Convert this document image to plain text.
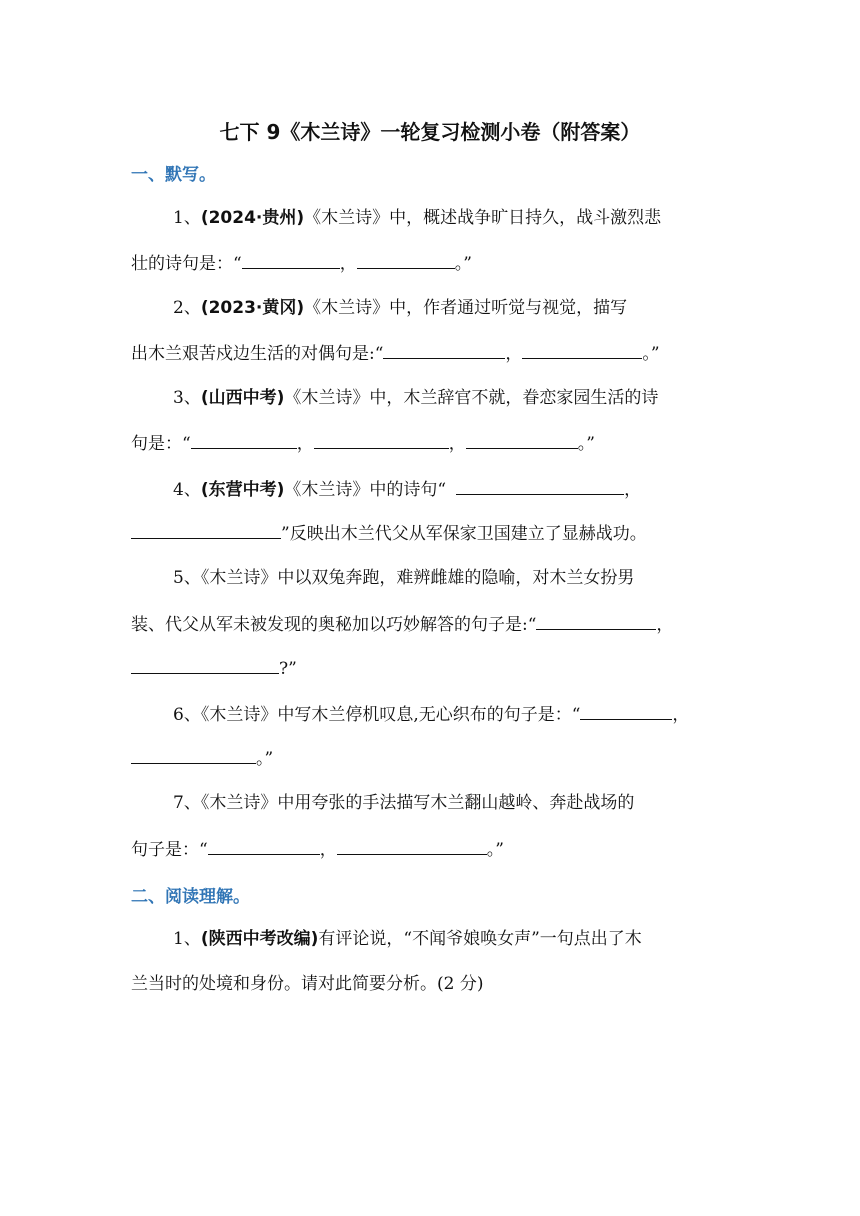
七下 9《木兰诗》一轮复习检测小卷（附答案）
一、默写。
1、(2024·贵州)《木兰诗》中，概述战争旷日持久，战斗激烈悲
壮的诗句是：“	，	。”
2、(2023·黄冈)《木兰诗》中，作者通过听觉与视觉，描写
出木兰艰苦戍边生活的对偶句是:“	，	。”
3、(山西中考)《木兰诗》中，木兰辞官不就，眷恋家园生活的诗
句是：“	，	，	。”
4、(东营中考)《木兰诗》中的诗句“	，
”反映出木兰代父从军保家卫国建立了显赫战功。
5、《木兰诗》中以双兔奔跑，难辨雌雄的隐喻，对木兰女扮男
装、代父从军未被发现的奥秘加以巧妙解答的句子是:“	，
?”
6、《木兰诗》中写木兰停机叹息,无心织布的句子是：“	，
。”
7、《木兰诗》中用夸张的手法描写木兰翻山越岭、奔赴战场的
句子是：“	，	。”
二、阅读理解。
1、(陕西中考改编)有评论说，“不闻爷娘唤女声”一句点出了木
兰当时的处境和身份。请对此简要分析。(2 分)
